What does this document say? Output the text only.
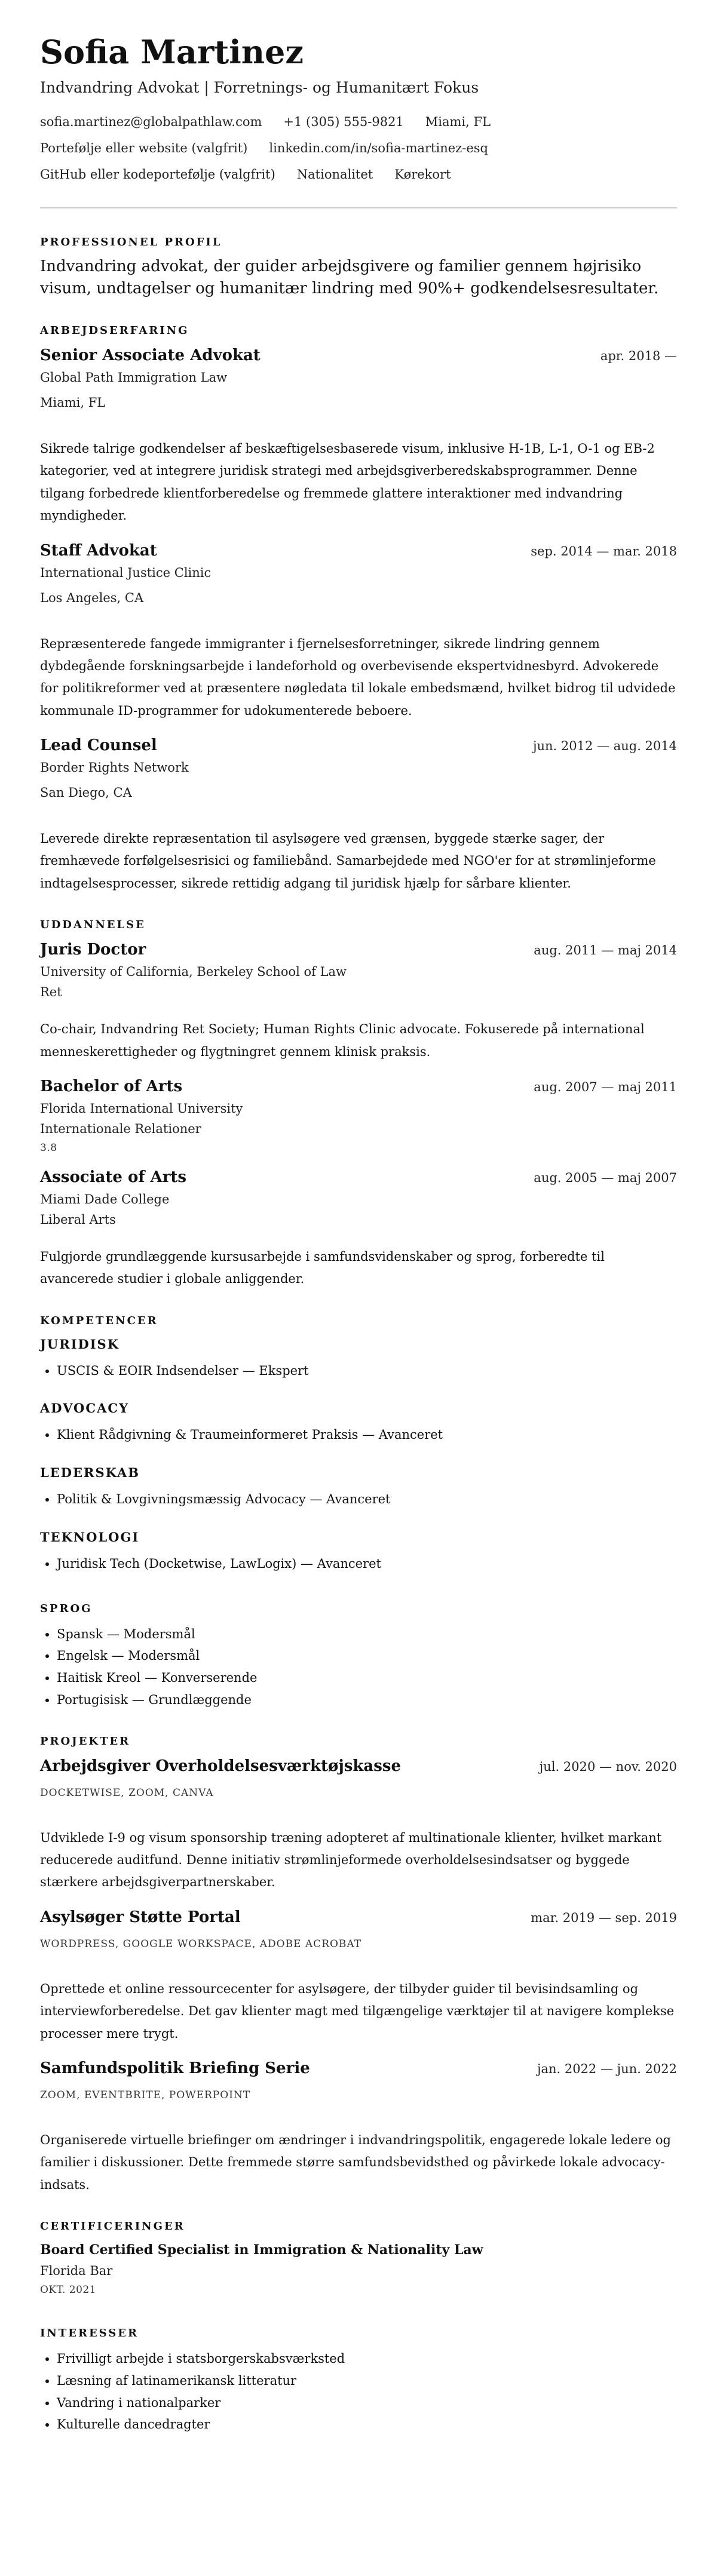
Sofia Martinez
Indvandring Advokat | Forretnings- og Humanitært Fokus
sofia.martinez@globalpathlaw.com +1 (305) 555-9821 Miami, FL
Portefølje eller website (valgfrit) linkedin.com/in/sofia-martinez-esq
GitHub eller kodeportefølje (valgfrit) Nationalitet Kørekort
PROFESSIONEL PROFIL
Indvandring advokat, der guider arbejdsgivere og familier gennem højrisiko visum, undtagelser og humanitær lindring med 90%+ godkendelsesresultater.
ARBEJDSERFARING
Senior Associate Advokat	apr. 2018 —
Global Path Immigration Law
Miami, FL
Sikrede talrige godkendelser af beskæftigelsesbaserede visum, inklusive H-1B, L-1, O-1 og EB-2 kategorier, ved at integrere juridisk strategi med arbejdsgiverberedskabsprogrammer. Denne tilgang forbedrede klientforberedelse og fremmede glattere interaktioner med indvandring myndigheder.
Staff Advokat	sep. 2014 — mar. 2018
International Justice Clinic
Los Angeles, CA
Repræsenterede fangede immigranter i fjernelsesforretninger, sikrede lindring gennem dybdegående forskningsarbejde i landeforhold og overbevisende ekspertvidnesbyrd. Advokerede for politikreformer ved at præsentere nøgledata til lokale embedsmænd, hvilket bidrog til udvidede kommunale ID-programmer for udokumenterede beboere.
Lead Counsel	jun. 2012 — aug. 2014
Border Rights Network
San Diego, CA
Leverede direkte repræsentation til asylsøgere ved grænsen, byggede stærke sager, der fremhævede forfølgelsesrisici og familiebånd. Samarbejdede med NGO'er for at strømlinjeforme indtagelsesprocesser, sikrede rettidig adgang til juridisk hjælp for sårbare klienter.
UDDANNELSE
Juris Doctor	aug. 2011 — maj 2014
University of California, Berkeley School of Law
Ret
Co-chair, Indvandring Ret Society; Human Rights Clinic advocate. Fokuserede på international menneskerettigheder og flygtningret gennem klinisk praksis.
Bachelor of Arts	aug. 2007 — maj 2011
Florida International University
Internationale Relationer
3.8
Associate of Arts	aug. 2005 — maj 2007
Miami Dade College
Liberal Arts
Fulgjorde grundlæggende kursusarbejde i samfundsvidenskaber og sprog, forberedte til avancerede studier i globale anliggender.
KOMPETENCER
JURIDISK
• USCIS & EOIR Indsendelser — Ekspert
ADVOCACY
• Klient Rådgivning & Traumeinformeret Praksis — Avanceret
LEDERSKAB
• Politik & Lovgivningsmæssig Advocacy — Avanceret
TEKNOLOGI
• Juridisk Tech (Docketwise, LawLogix) — Avanceret
SPROG
• Spansk — Modersmål
• Engelsk — Modersmål
• Haitisk Kreol — Konverserende
• Portugisisk — Grundlæggende
PROJEKTER
Arbejdsgiver Overholdelsesværktøjskasse	jul. 2020 — nov. 2020
DOCKETWISE, ZOOM, CANVA
Udviklede I-9 og visum sponsorship træning adopteret af multinationale klienter, hvilket markant reducerede auditfund. Denne initiativ strømlinjeformede overholdelsesindsatser og byggede stærkere arbejdsgiverpartnerskaber.
Asylsøger Støtte Portal	mar. 2019 — sep. 2019
WORDPRESS, GOOGLE WORKSPACE, ADOBE ACROBAT
Oprettede et online ressourcecenter for asylsøgere, der tilbyder guider til bevisindsamling og interviewforberedelse. Det gav klienter magt med tilgængelige værktøjer til at navigere komplekse processer mere trygt.
Samfundspolitik Briefing Serie	jan. 2022 — jun. 2022
ZOOM, EVENTBRITE, POWERPOINT
Organiserede virtuelle briefinger om ændringer i indvandringspolitik, engagerede lokale ledere og familier i diskussioner. Dette fremmede større samfundsbevidsthed og påvirkede lokale advocacy-indsats.
CERTIFICERINGER
Board Certified Specialist in Immigration & Nationality Law
Florida Bar
OKT. 2021
INTERESSER
• Frivilligt arbejde i statsborgerskabsværksted
• Læsning af latinamerikansk litteratur
• Vandring i nationalparker
• Kulturelle dancedragter
